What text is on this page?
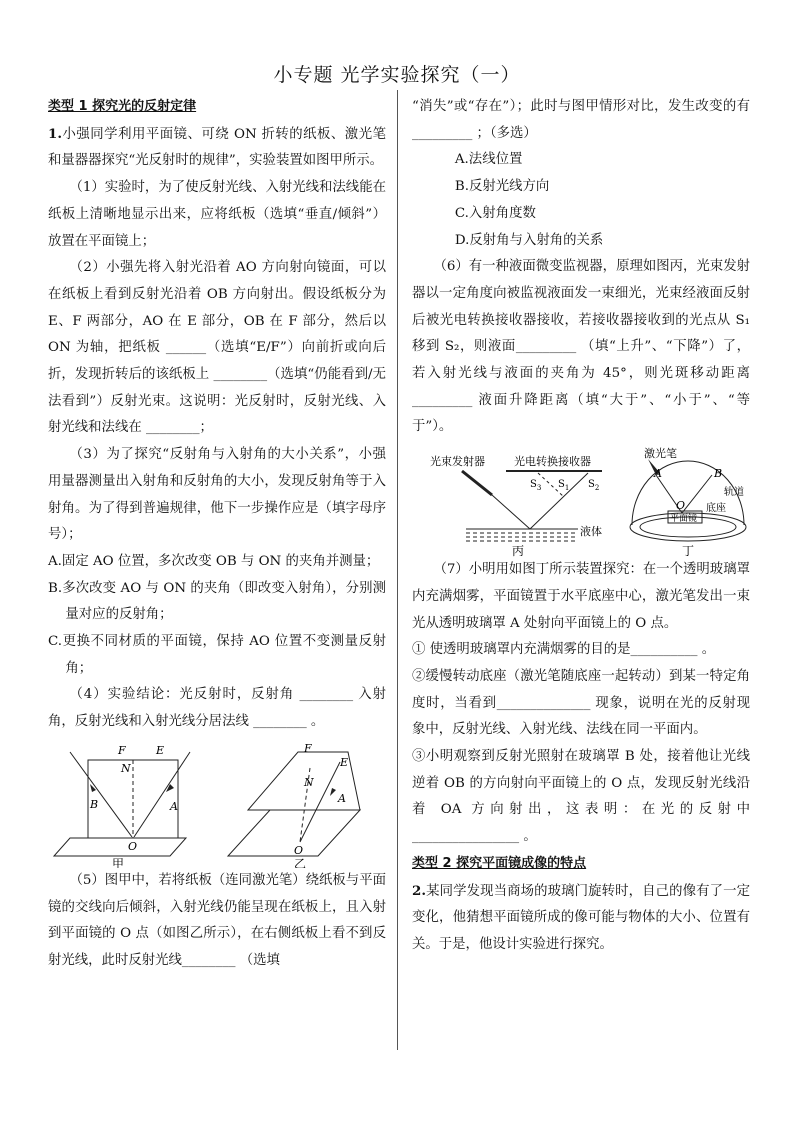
小专题 光学实验探究（一）

类型 1 探究光的反射定律

1.小强同学利用平面镜、可绕 ON 折转的纸板、激光笔和量器器探究“光反射时的规律”，实验装置如图甲所示。

（1）实验时，为了使反射光线、入射光线和法线能在纸板上清晰地显示出来，应将纸板（选填“垂直/倾斜”）放置在平面镜上；

（2）小强先将入射光沿着 AO 方向射向镜面，可以在纸板上看到反射光沿着 OB 方向射出。假设纸板分为 E、F 两部分，AO 在 E 部分，OB 在 F 部分，然后以 ON 为轴，把纸板 ______（选填“E/F”）向前折或向后折，发现折转后的该纸板上 ________（选填“仍能看到/无法看到”）反射光束。这说明：光反射时，反射光线、入射光线和法线在 ________；

（3）为了探究“反射角与入射角的大小关系”，小强用量器测量出入射角和反射角的大小，发现反射角等于入射角。为了得到普遍规律，他下一步操作应是（填字母序号）；

A.固定 AO 位置，多次改变 OB 与 ON 的夹角并测量；

B.多次改变 AO 与 ON 的夹角（即改变入射角），分别测量对应的反射角；

C.更换不同材质的平面镜，保持 AO 位置不变测量反射角；

（4）实验结论：光反射时，反射角 ________ 入射角，反射光线和入射光线分居法线 ________ 。

F	E
N
B	A
O
F
E
N
A
O
甲	乙

（5）图甲中，若将纸板（连同激光笔）绕纸板与平面镜的交线向后倾斜，入射光线仍能呈现在纸板上，且入射到平面镜的 O 点（如图乙所示），在右侧纸板上看不到反射光线，此时反射光线________ （选填

“消失”或“存在”）；此时与图甲情形对比，发生改变的有_________ ；（多选）

A.法线位置

B.反射光线方向

C.入射角度数

D.反射角与入射角的关系

（6）有一种液面微变监视器，原理如图丙，光束发射器以一定角度向被监视液面发一束细光，光束经液面反射后被光电转换接收器接收，若接收器接收到的光点从 S₁ 移到 S₂，则液面_________ （填“上升”、“下降”）了，若入射光线与液面的夹角为 45°，则光斑移动距离_________ 液面升降距离（填“大于”、“小于”、“等于”）。

光束发射器	光电转换接收器
$S_3$ $S_1$ $S_2$
液体
丙
激光笔
A	B
O 底座
平面镜
轨道
丁

（7）小明用如图丁所示装置探究：在一个透明玻璃罩内充满烟雾，平面镜置于水平底座中心，激光笔发出一束光从透明玻璃罩 A 处射向平面镜上的 O 点。

① 使透明玻璃罩内充满烟雾的目的是__________ 。

②缓慢转动底座（激光笔随底座一起转动）到某一特定角度时，当看到______________ 现象，说明在光的反射现象中，反射光线、入射光线、法线在同一平面内。

③小明观察到反射光照射在玻璃罩 B 处，接着他让光线逆着 OB 的方向射向平面镜上的 O 点，发现反射光线沿着 OA 方向射出，这表明：在光的反射中________________ 。

类型 2 探究平面镜成像的特点

2.某同学发现当商场的玻璃门旋转时，自己的像有了一定变化，他猜想平面镜所成的像可能与物体的大小、位置有关。于是，他设计实验进行探究。
